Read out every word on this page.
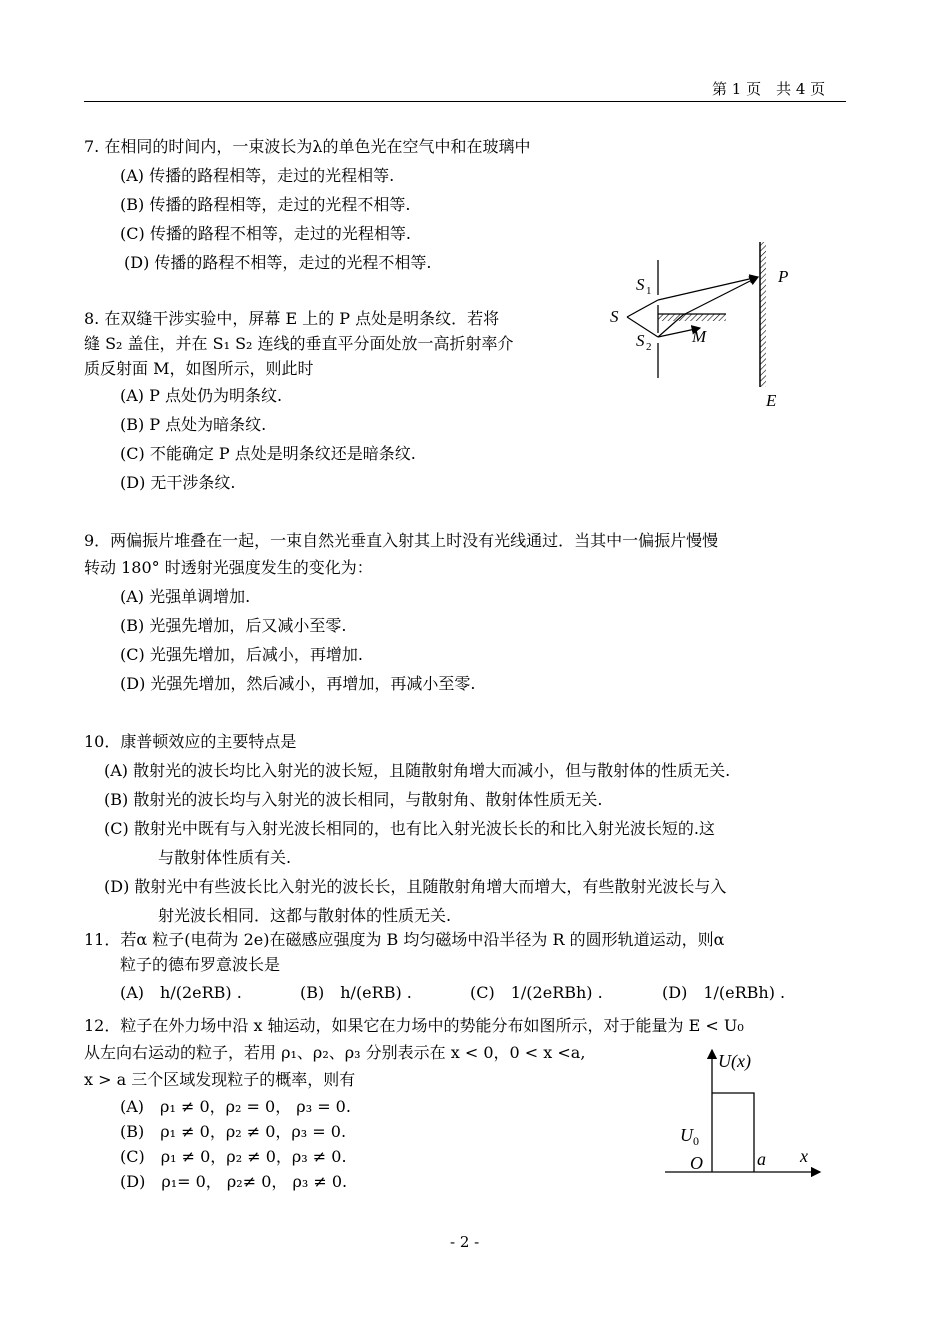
第 1 页　共 4 页
7. 在相同的时间内，一束波长为λ的单色光在空气中和在玻璃中
(A) 传播的路程相等，走过的光程相等.
(B) 传播的路程相等，走过的光程不相等.
(C) 传播的路程不相等，走过的光程相等.
(D) 传播的路程不相等，走过的光程不相等.
8. 在双缝干涉实验中，屏幕 E 上的 P 点处是明条纹．若将
缝 S₂ 盖住，并在 S₁ S₂ 连线的垂直平分面处放一高折射率介
质反射面 M，如图所示，则此时
(A) P 点处仍为明条纹.
(B) P 点处为暗条纹.
(C) 不能确定 P 点处是明条纹还是暗条纹.
(D) 无干涉条纹.
S
S 1
S 2
M
P
E
9．两偏振片堆叠在一起，一束自然光垂直入射其上时没有光线通过．当其中一偏振片慢慢
转动 180° 时透射光强度发生的变化为：
(A) 光强单调增加.
(B) 光强先增加，后又减小至零.
(C) 光强先增加，后减小，再增加.
(D) 光强先增加，然后减小，再增加，再减小至零.
10．康普顿效应的主要特点是
(A) 散射光的波长均比入射光的波长短，且随散射角增大而减小，但与散射体的性质无关.
(B) 散射光的波长均与入射光的波长相同，与散射角、散射体性质无关.
(C) 散射光中既有与入射光波长相同的，也有比入射光波长长的和比入射光波长短的.这
与散射体性质有关.
(D) 散射光中有些波长比入射光的波长长，且随散射角增大而增大，有些散射光波长与入
射光波长相同．这都与散射体的性质无关.
11．若α 粒子(电荷为 2e)在磁感应强度为 B 均匀磁场中沿半径为 R 的圆形轨道运动，则α
粒子的德布罗意波长是
(A)　h/(2eRB) .	(B)　h/(eRB) .	(C)　1/(2eRBh) .	(D)　1/(eRBh) .
12．粒子在外力场中沿 x 轴运动，如果它在力场中的势能分布如图所示，对于能量为 E < U₀
从左向右运动的粒子，若用 ρ₁、ρ₂、ρ₃ 分别表示在 x < 0，0 < x <a,
x > a 三个区域发现粒子的概率，则有
(A)　ρ₁ ≠ 0，ρ₂ = 0， ρ₃ = 0.
(B)　ρ₁ ≠ 0，ρ₂ ≠ 0，ρ₃ = 0.
(C)　ρ₁ ≠ 0，ρ₂ ≠ 0，ρ₃ ≠ 0.
(D)　ρ₁= 0， ρ₂≠ 0， ρ₃ ≠ 0.
U(x)
x
U 0
O	a
- 2 -
